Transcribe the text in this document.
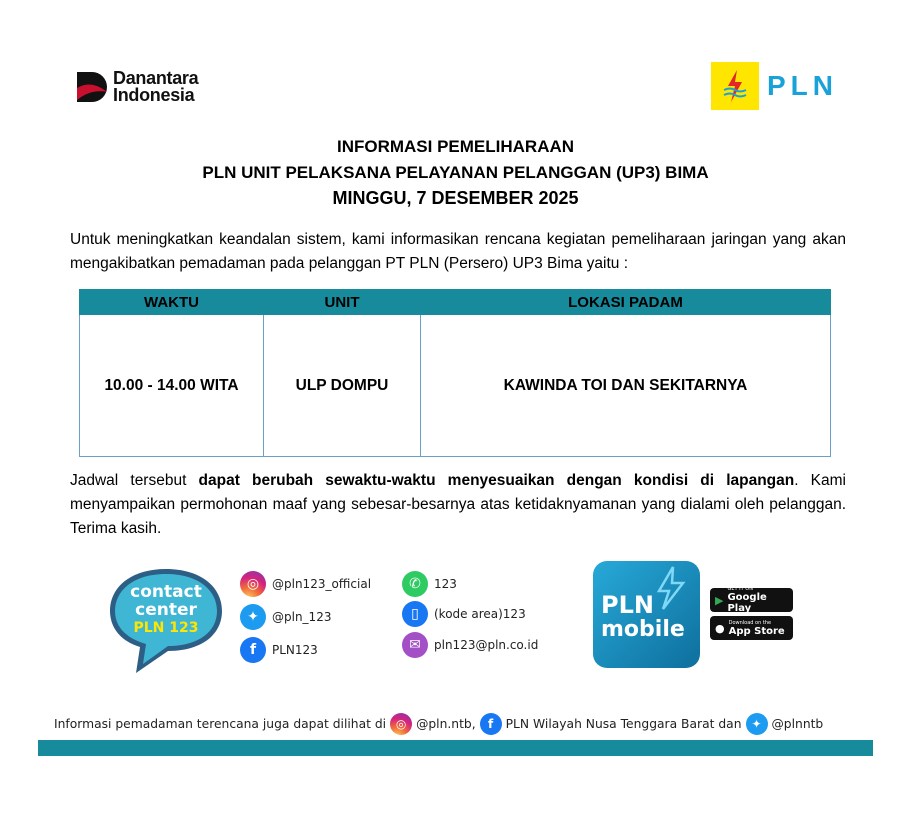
Danantara
Indonesia	PLN
INFORMASI PEMELIHARAAN
PLN UNIT PELAKSANA PELAYANAN PELANGGAN (UP3) BIMA
MINGGU, 7 DESEMBER 2025
Untuk meningkatkan keandalan sistem, kami informasikan rencana kegiatan pemeliharaan jaringan yang akan mengakibatkan pemadaman pada pelanggan PT PLN (Persero) UP3 Bima yaitu :
WAKTU	UNIT	LOKASI PADAM
10.00 - 14.00 WITA	ULP DOMPU	KAWINDA TOI DAN SEKITARNYA
Jadwal tersebut dapat berubah sewaktu-waktu menyesuaikan dengan kondisi di lapangan. Kami menyampaikan permohonan maaf yang sebesar-besarnya atas ketidaknyamanan yang dialami oleh pelanggan. Terima kasih.
contact
center
PLN 123
◎	@pln123_official
✦	@pln_123
f	PLN123
✆	123
▯	(kode area)123
✉	pln123@pln.co.id
PLN
mobile
▶
GET IT ON
Google Play
● Download on the
App Store
Informasi pemadaman terencana juga dapat dilihat di ◎ @pln.ntb,	f	PLN Wilayah Nusa Tenggara Barat dan ✦ @plnntb
